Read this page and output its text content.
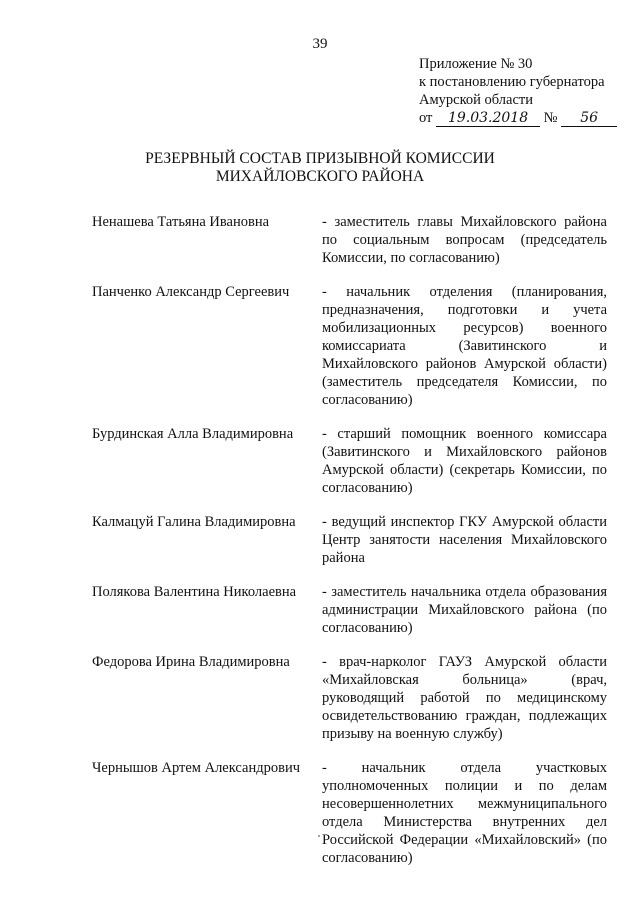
39
Приложение № 30
к постановлению губернатора
Амурской области
от 19.03.2018 № 56
РЕЗЕРВНЫЙ СОСТАВ ПРИЗЫВНОЙ КОМИССИИ
МИХАЙЛОВСКОГО РАЙОНА
Ненашева Татьяна Ивановна	- заместитель главы Михайловского района по социальным вопросам (председатель Комиссии, по согласованию)
Панченко Александр Сергеевич	- начальник отделения (планирования, предназначения, подготовки и учета мобилизационных ресурсов) военного комиссариата (Завитинского и Михайловского районов Амурской области) (заместитель председателя Комиссии, по согласованию)
Бурдинская Алла Владимировна	- старший помощник военного комиссара (Завитинского и Михайловского районов Амурской области) (секретарь Комиссии, по согласованию)
Калмацуй Галина Владимировна	- ведущий инспектор ГКУ Амурской области Центр занятости населения Михайловского района
Полякова Валентина Николаевна	- заместитель начальника отдела образования администрации Михайловского района (по согласованию)
Федорова Ирина Владимировна	- врач-нарколог ГАУЗ Амурской области «Михайловская больница» (врач, руководящий работой по медицинскому освидетельствованию граждан, подлежащих призыву на военную службу)
Чернышов Артем Александрович	- начальник отдела участковых уполномоченных полиции и по делам несовершеннолетних межмуниципального отдела Министерства внутренних дел Российской Федерации «Михайловский» (по согласованию)
